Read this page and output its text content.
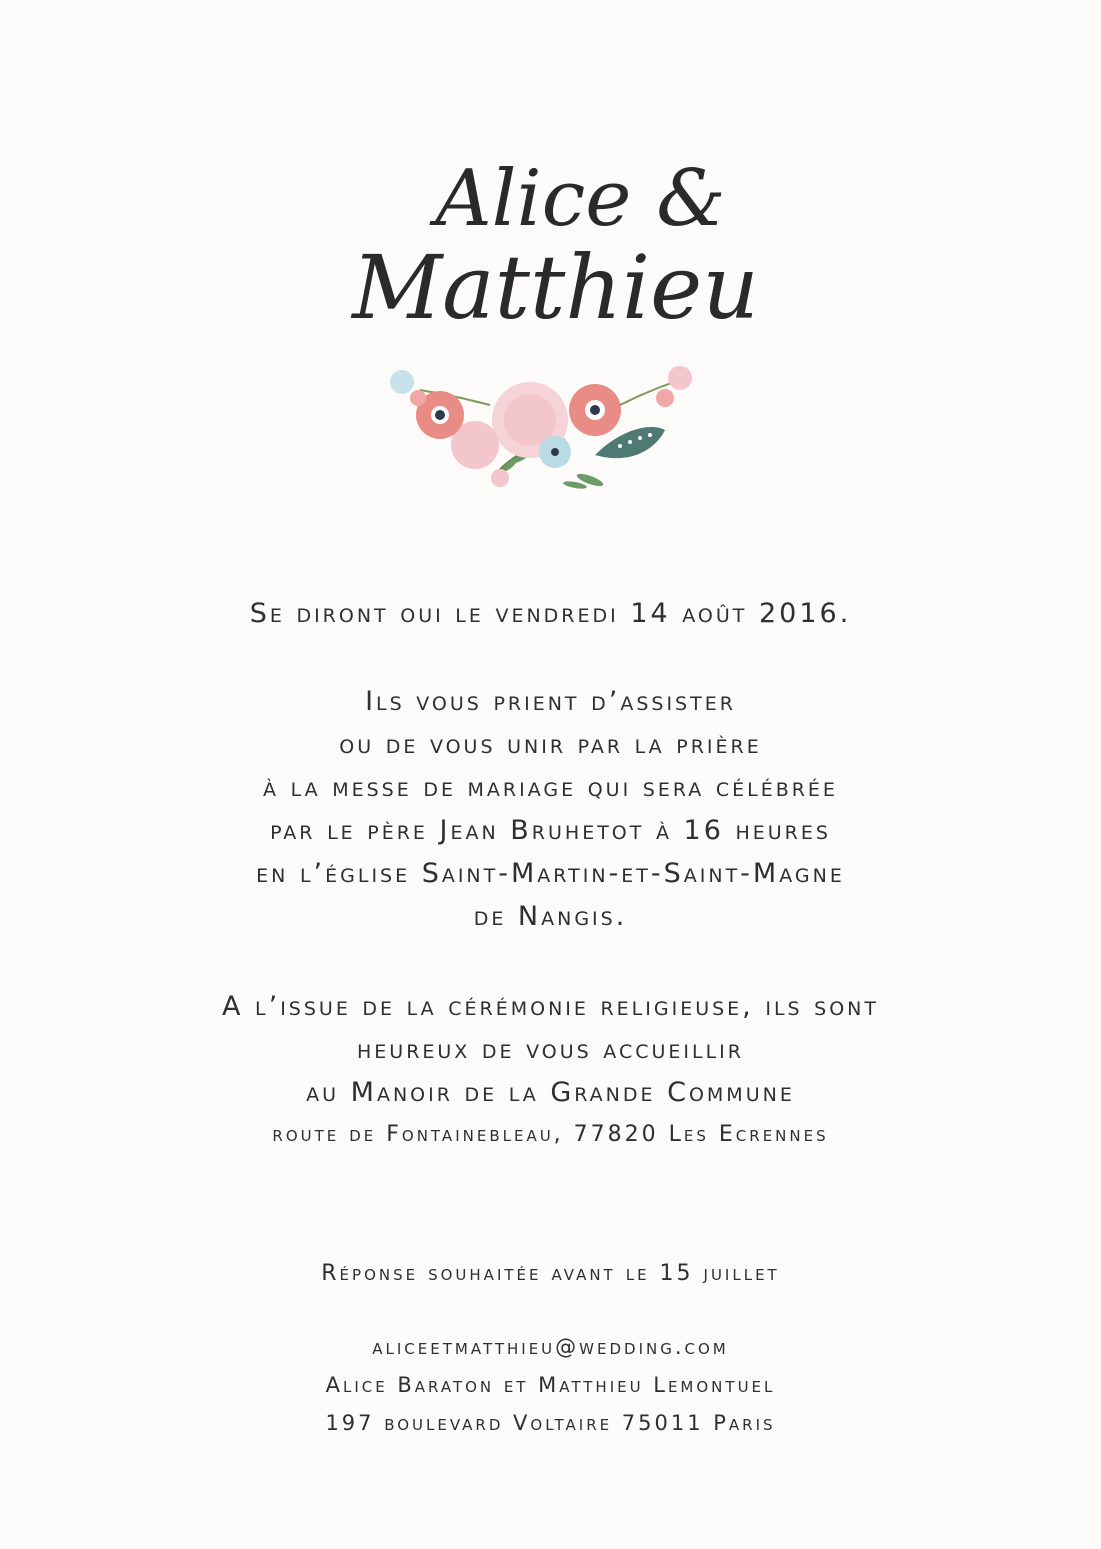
Alice &
Matthieu

Se diront oui le vendredi 14 août 2016.

Ils vous prient d’assister

ou de vous unir par la prière

à la messe de mariage qui sera célébrée

par le père Jean Bruhetot à 16 heures

en l’église Saint-Martin-et-Saint-Magne

de Nangis.

A l’issue de la cérémonie religieuse, ils sont

heureux de vous accueillir

au Manoir de la Grande Commune

route de Fontainebleau, 77820 Les Ecrennes

Réponse souhaitée avant le 15 juillet

aliceetmatthieu@wedding.com

Alice Baraton et Matthieu Lemontuel

197 boulevard Voltaire 75011 Paris
